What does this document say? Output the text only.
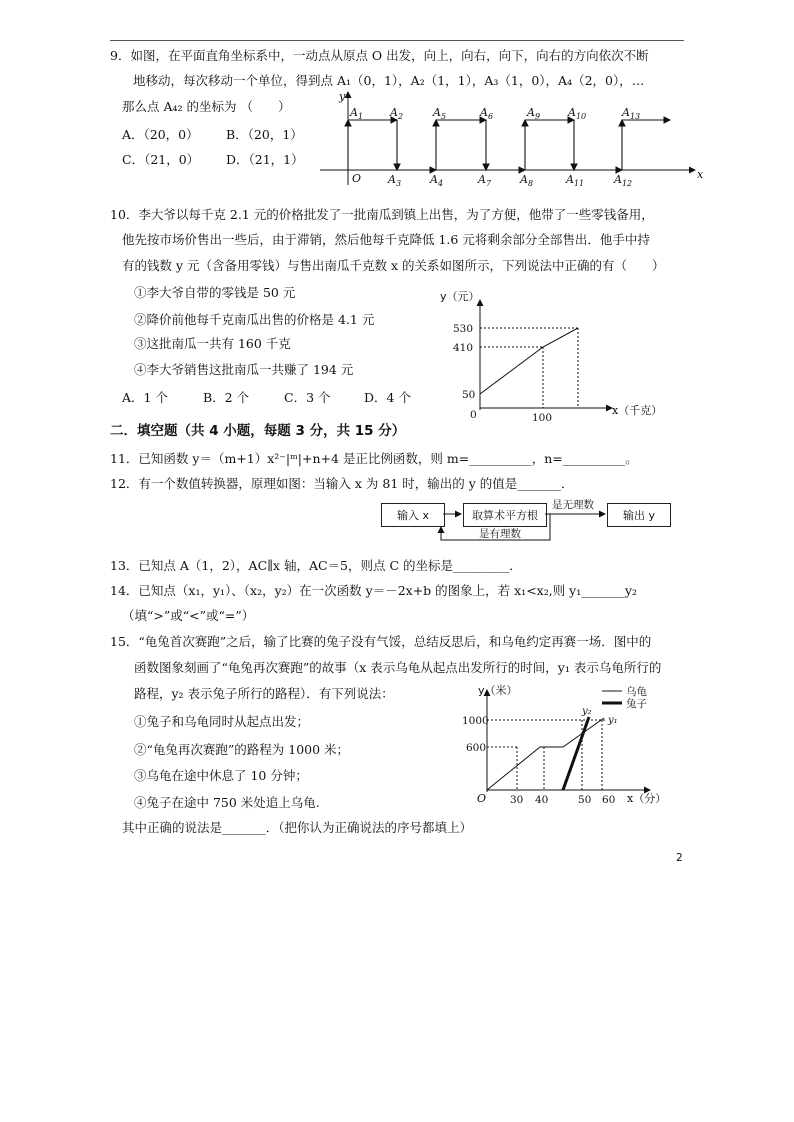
9．如图，在平面直角坐标系中，一动点从原点 O 出发，向上，向右，向下，向右的方向依次不断
地移动，每次移动一个单位，得到点 A₁（0，1），A₂（1，1），A₃（1，0），A₄（2，0），…
那么点 A₄₂ 的坐标为 （　　）
A．（20，0） B．（20，1）
C．（21，0） D．（21，1）
y
x
O
$A_1$ $A_2$	$A_5$	$A_6$	$A_9$	$A_{10}$	$A_{13}$
$A_3$	$A_4$	$A_7$	$A_8$	$A_{11}$	$A_{12}$
10．李大爷以每千克 2.1 元的价格批发了一批南瓜到镇上出售，为了方便，他带了一些零钱备用，
他先按市场价售出一些后，由于滞销，然后他每千克降低 1.6 元将剩余部分全部售出．他手中持
有的钱数 y 元（含备用零钱）与售出南瓜千克数 x 的关系如图所示，下列说法中正确的有（　　）
①李大爷自带的零钱是 50 元
②降价前他每千克南瓜出售的价格是 4.1 元
③这批南瓜一共有 160 千克
④李大爷销售这批南瓜一共赚了 194 元
A．1 个	B．2 个	C．3 个	D．4 个
y（元）
x（千克）
0
530
410
50
100
二．填空题（共 4 小题，每题 3 分，共 15 分）
11．已知函数 y＝（m+1）x²⁻|ᵐ|+n+4 是正比例函数，则 m=__________，n=__________。
12．有一个数值转换器，原理如图：当输入 x 为 81 时，输出的 y 的值是_______．
输入 x	取算术平方根	输出 y
是无理数
是有理数
13．已知点 A（1，2），AC∥x 轴，AC＝5，则点 C 的坐标是_________．
14．已知点（x₁，y₁）、（x₂，y₂）在一次函数 y＝－2x+b 的图象上，若 x₁<x₂,则 y₁_______y₂
（填“>”或“<”或“=”）
15．“龟兔首次赛跑”之后，输了比赛的兔子没有气馁，总结反思后，和乌龟约定再赛一场．图中的
函数图象刻画了“龟兔再次赛跑”的故事（x 表示乌龟从起点出发所行的时间，y₁ 表示乌龟所行的
路程，y₂ 表示兔子所行的路程）．有下列说法：
①兔子和乌龟同时从起点出发；
②“龟兔再次赛跑”的路程为 1000 米；
③乌龟在途中休息了 10 分钟；
④兔子在途中 750 米处追上乌龟.
其中正确的说法是_______．（把你认为正确说法的序号都填上）
y（米）
x（分）
O
y₂
y₁
乌龟
兔子
1000
600
30 40	50 60
2
